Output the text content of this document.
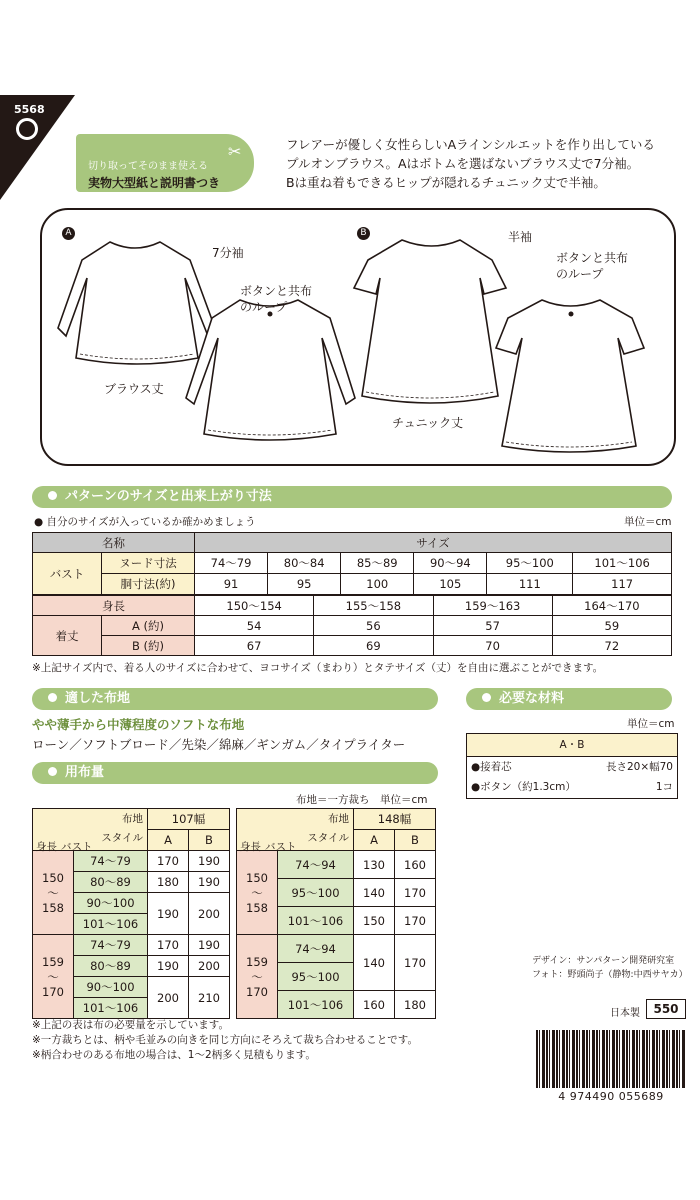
5568
切り取ってそのまま使える
実物大型紙と説明書つき
✂	フレアーが優しく女性らしいAラインシルエットを作り出している
プルオンブラウス。Aはボトムを選ばないブラウス丈で7分袖。
Bは重ね着もできるヒップが隠れるチュニック丈で半袖。
A	B
7分袖
ボタンと共布
のループ
ブラウス丈
半袖
ボタンと共布
のループ
チュニック丈
パターンのサイズと出来上がり寸法
● 自分のサイズが入っているか確かめましょう	単位＝cm
名称		サイズ					
バスト	ヌード寸法	74〜79	80〜84	85〜89	90〜94	95〜100	101〜106
	胴寸法(約)	91	95	100	105	111	117
身長		150〜154	155〜158	159〜163	164〜170
着丈	A (約)	54	56	57	59
	B (約)	67	69	70	72
※上記サイズ内で、着る人のサイズに合わせて、ヨコサイズ（まわり）とタテサイズ（丈）を自由に選ぶことができます。
適した布地
やや薄手から中薄程度のソフトな布地
ローン／ソフトブロード／先染／綿麻／ギンガム／タイプライター
必要な材料
単位＝cm
A・B
●接着芯	長さ20×幅70
●ボタン（約1.3cm）	1コ
用布量
布地＝一方裁ち　単位＝cm
布地
スタイル
バスト
身長		107幅	
		A	B
150
〜
158	74〜79	170	190
	80〜89	180	190
	90〜100	190	200
	101〜106		
159
〜
170	74〜79	170	190
	80〜89	190	200
	90〜100	200	210
	101〜106		
布地
スタイル
バスト
身長		148幅	
		A	B
150
〜
158	74〜94	130	160
	95〜100	140	170
	101〜106	150	170
159
〜
170	74〜94	140	170
	95〜100		
	101〜106	160	180
※上記の表は布の必要量を示しています。
※一方裁ちとは、柄や毛並みの向きを同じ方向にそろえて裁ち合わせることです。
※柄合わせのある布地の場合は、1〜2柄多く見積もります。
デザイン：サンパターン開発研究室
フォト：野頭尚子（静物:中西サヤカ）
日本製	550
4 974490 055689
